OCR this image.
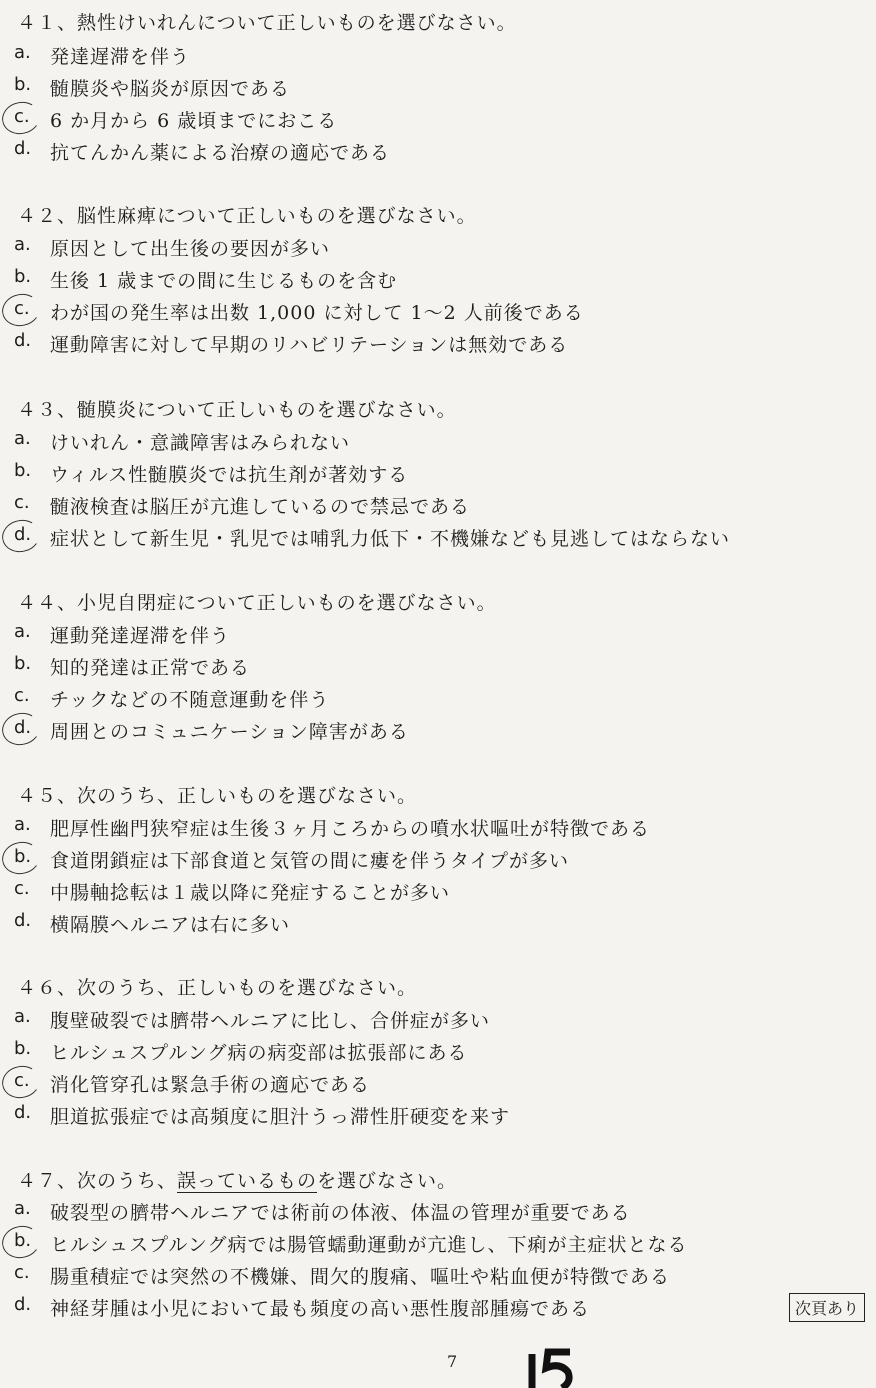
４１、熱性けいれんについて正しいものを選びなさい。
a.	発達遅滞を伴う
b. 髄膜炎や脳炎が原因である
c.	6 か月から 6 歳頃までにおこる
d. 抗てんかん薬による治療の適応である
４２、脳性麻痺について正しいものを選びなさい。
a.	原因として出生後の要因が多い
b. 生後 1 歳までの間に生じるものを含む
c.	わが国の発生率は出数 1,000 に対して 1～2 人前後である
d. 運動障害に対して早期のリハビリテーションは無効である
４３、髄膜炎について正しいものを選びなさい。
a.	けいれん・意識障害はみられない
b. ウィルス性髄膜炎では抗生剤が著効する
c.	髄液検査は脳圧が亢進しているので禁忌である
d. 症状として新生児・乳児では哺乳力低下・不機嫌なども見逃してはならない
４４、小児自閉症について正しいものを選びなさい。
a.	運動発達遅滞を伴う
b. 知的発達は正常である
c.	チックなどの不随意運動を伴う
d. 周囲とのコミュニケーション障害がある
４５、次のうち、正しいものを選びなさい。
a.	肥厚性幽門狭窄症は生後３ヶ月ころからの噴水状嘔吐が特徴である
b. 食道閉鎖症は下部食道と気管の間に瘻を伴うタイプが多い
c.	中腸軸捻転は１歳以降に発症することが多い
d. 横隔膜ヘルニアは右に多い
４６、次のうち、正しいものを選びなさい。
a.	腹壁破裂では臍帯ヘルニアに比し、合併症が多い
b. ヒルシュスプルング病の病変部は拡張部にある
c.	消化管穿孔は緊急手術の適応である
d. 胆道拡張症では高頻度に胆汁うっ滞性肝硬変を来す
４７、次のうち、誤っているものを選びなさい。
a.	破裂型の臍帯ヘルニアでは術前の体液、体温の管理が重要である
b. ヒルシュスプルング病では腸管蠕動運動が亢進し、下痢が主症状となる
c.	腸重積症では突然の不機嫌、間欠的腹痛、嘔吐や粘血便が特徴である
d. 神経芽腫は小児において最も頻度の高い悪性腹部腫瘍である	次頁あり
7
